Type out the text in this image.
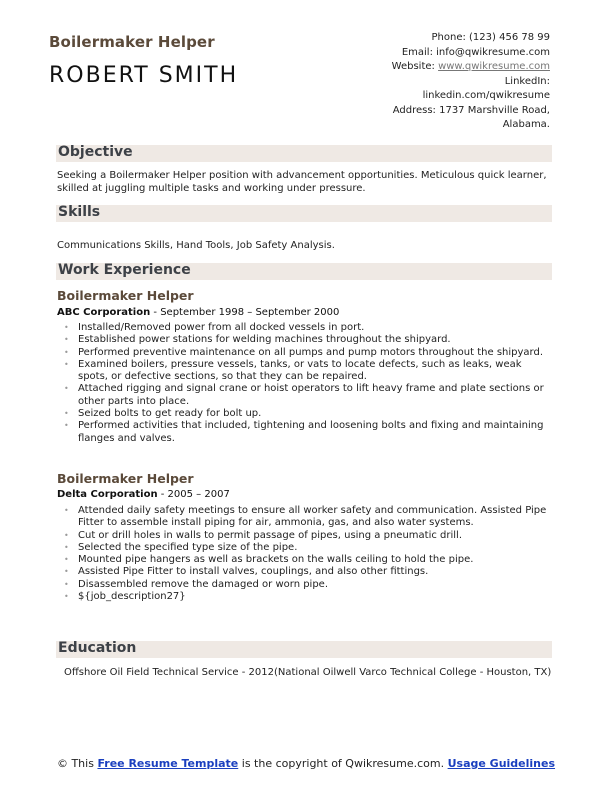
Boilermaker Helper
ROBERT SMITH
Phone: (123) 456 78 99
Email: info@qwikresume.com
Website: www.qwikresume.com
LinkedIn:
linkedin.com/qwikresume
Address: 1737 Marshville Road,
Alabama.
Objective
Seeking a Boilermaker Helper position with advancement opportunities. Meticulous quick learner, skilled at juggling multiple tasks and working under pressure.
Skills
Communications Skills, Hand Tools, Job Safety Analysis.
Work Experience
Boilermaker Helper
ABC Corporation - September 1998 – September 2000
• Installed/Removed power from all docked vessels in port.
• Established power stations for welding machines throughout the shipyard.
• Performed preventive maintenance on all pumps and pump motors throughout the shipyard.
• Examined boilers, pressure vessels, tanks, or vats to locate defects, such as leaks, weak spots, or defective sections, so that they can be repaired.
• Attached rigging and signal crane or hoist operators to lift heavy frame and plate sections or other parts into place.
• Seized bolts to get ready for bolt up.
• Performed activities that included, tightening and loosening bolts and fixing and maintaining flanges and valves.
Boilermaker Helper
Delta Corporation - 2005 – 2007
• Attended daily safety meetings to ensure all worker safety and communication. Assisted Pipe Fitter to assemble install piping for air, ammonia, gas, and also water systems.
• Cut or drill holes in walls to permit passage of pipes, using a pneumatic drill.
• Selected the specified type size of the pipe.
• Mounted pipe hangers as well as brackets on the walls ceiling to hold the pipe.
• Assisted Pipe Fitter to install valves, couplings, and also other fittings.
• Disassembled remove the damaged or worn pipe.
• ${job_description27}
Education
Offshore Oil Field Technical Service - 2012(National Oilwell Varco Technical College - Houston, TX)
© This Free Resume Template is the copyright of Qwikresume.com. Usage Guidelines
